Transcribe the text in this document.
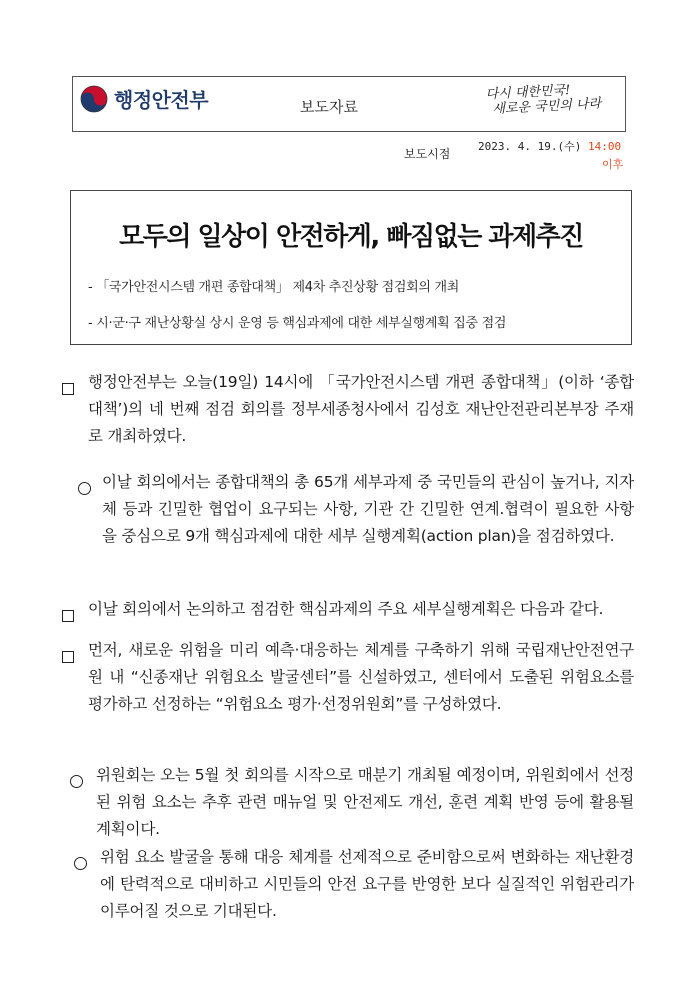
행정안전부	보도자료
다시 대한민국!
새로운 국민의 나라
보도시점
2023. 4. 19.(수) 14:00
이후
모두의 일상이 안전하게, 빠짐없는 과제추진
- 「국가안전시스템 개편 종합대책」 제4차 추진상황 점검회의 개최
- 시·군·구 재난상황실 상시 운영 등 핵심과제에 대한 세부실행계획 집중 점검
행정안전부는 오늘(19일) 14시에 「국가안전시스템 개편 종합대책」(이하 ‘종합대책’)의 네 번째 점검 회의를 정부세종청사에서 김성호 재난안전관리본부장 주재로 개최하였다.
이날 회의에서는 종합대책의 총 65개 세부과제 중 국민들의 관심이 높거나, 지자체 등과 긴밀한 협업이 요구되는 사항, 기관 간 긴밀한 연계.협력이 필요한 사항을 중심으로 9개 핵심과제에 대한 세부 실행계획(action plan)을 점검하였다.
이날 회의에서 논의하고 점검한 핵심과제의 주요 세부실행계획은 다음과 같다.
먼저, 새로운 위험을 미리 예측·대응하는 체계를 구축하기 위해 국립재난안전연구원 내 “신종재난 위험요소 발굴센터”를 신설하였고, 센터에서 도출된 위험요소를 평가하고 선정하는 “위험요소 평가·선정위원회”를 구성하였다.
위원회는 오는 5월 첫 회의를 시작으로 매분기 개최될 예정이며, 위원회에서 선정된 위험 요소는 추후 관련 매뉴얼 및 안전제도 개선, 훈련 계획 반영 등에 활용될 계획이다.
위험 요소 발굴을 통해 대응 체계를 선제적으로 준비함으로써 변화하는 재난환경에 탄력적으로 대비하고 시민들의 안전 요구를 반영한 보다 실질적인 위험관리가 이루어질 것으로 기대된다.
